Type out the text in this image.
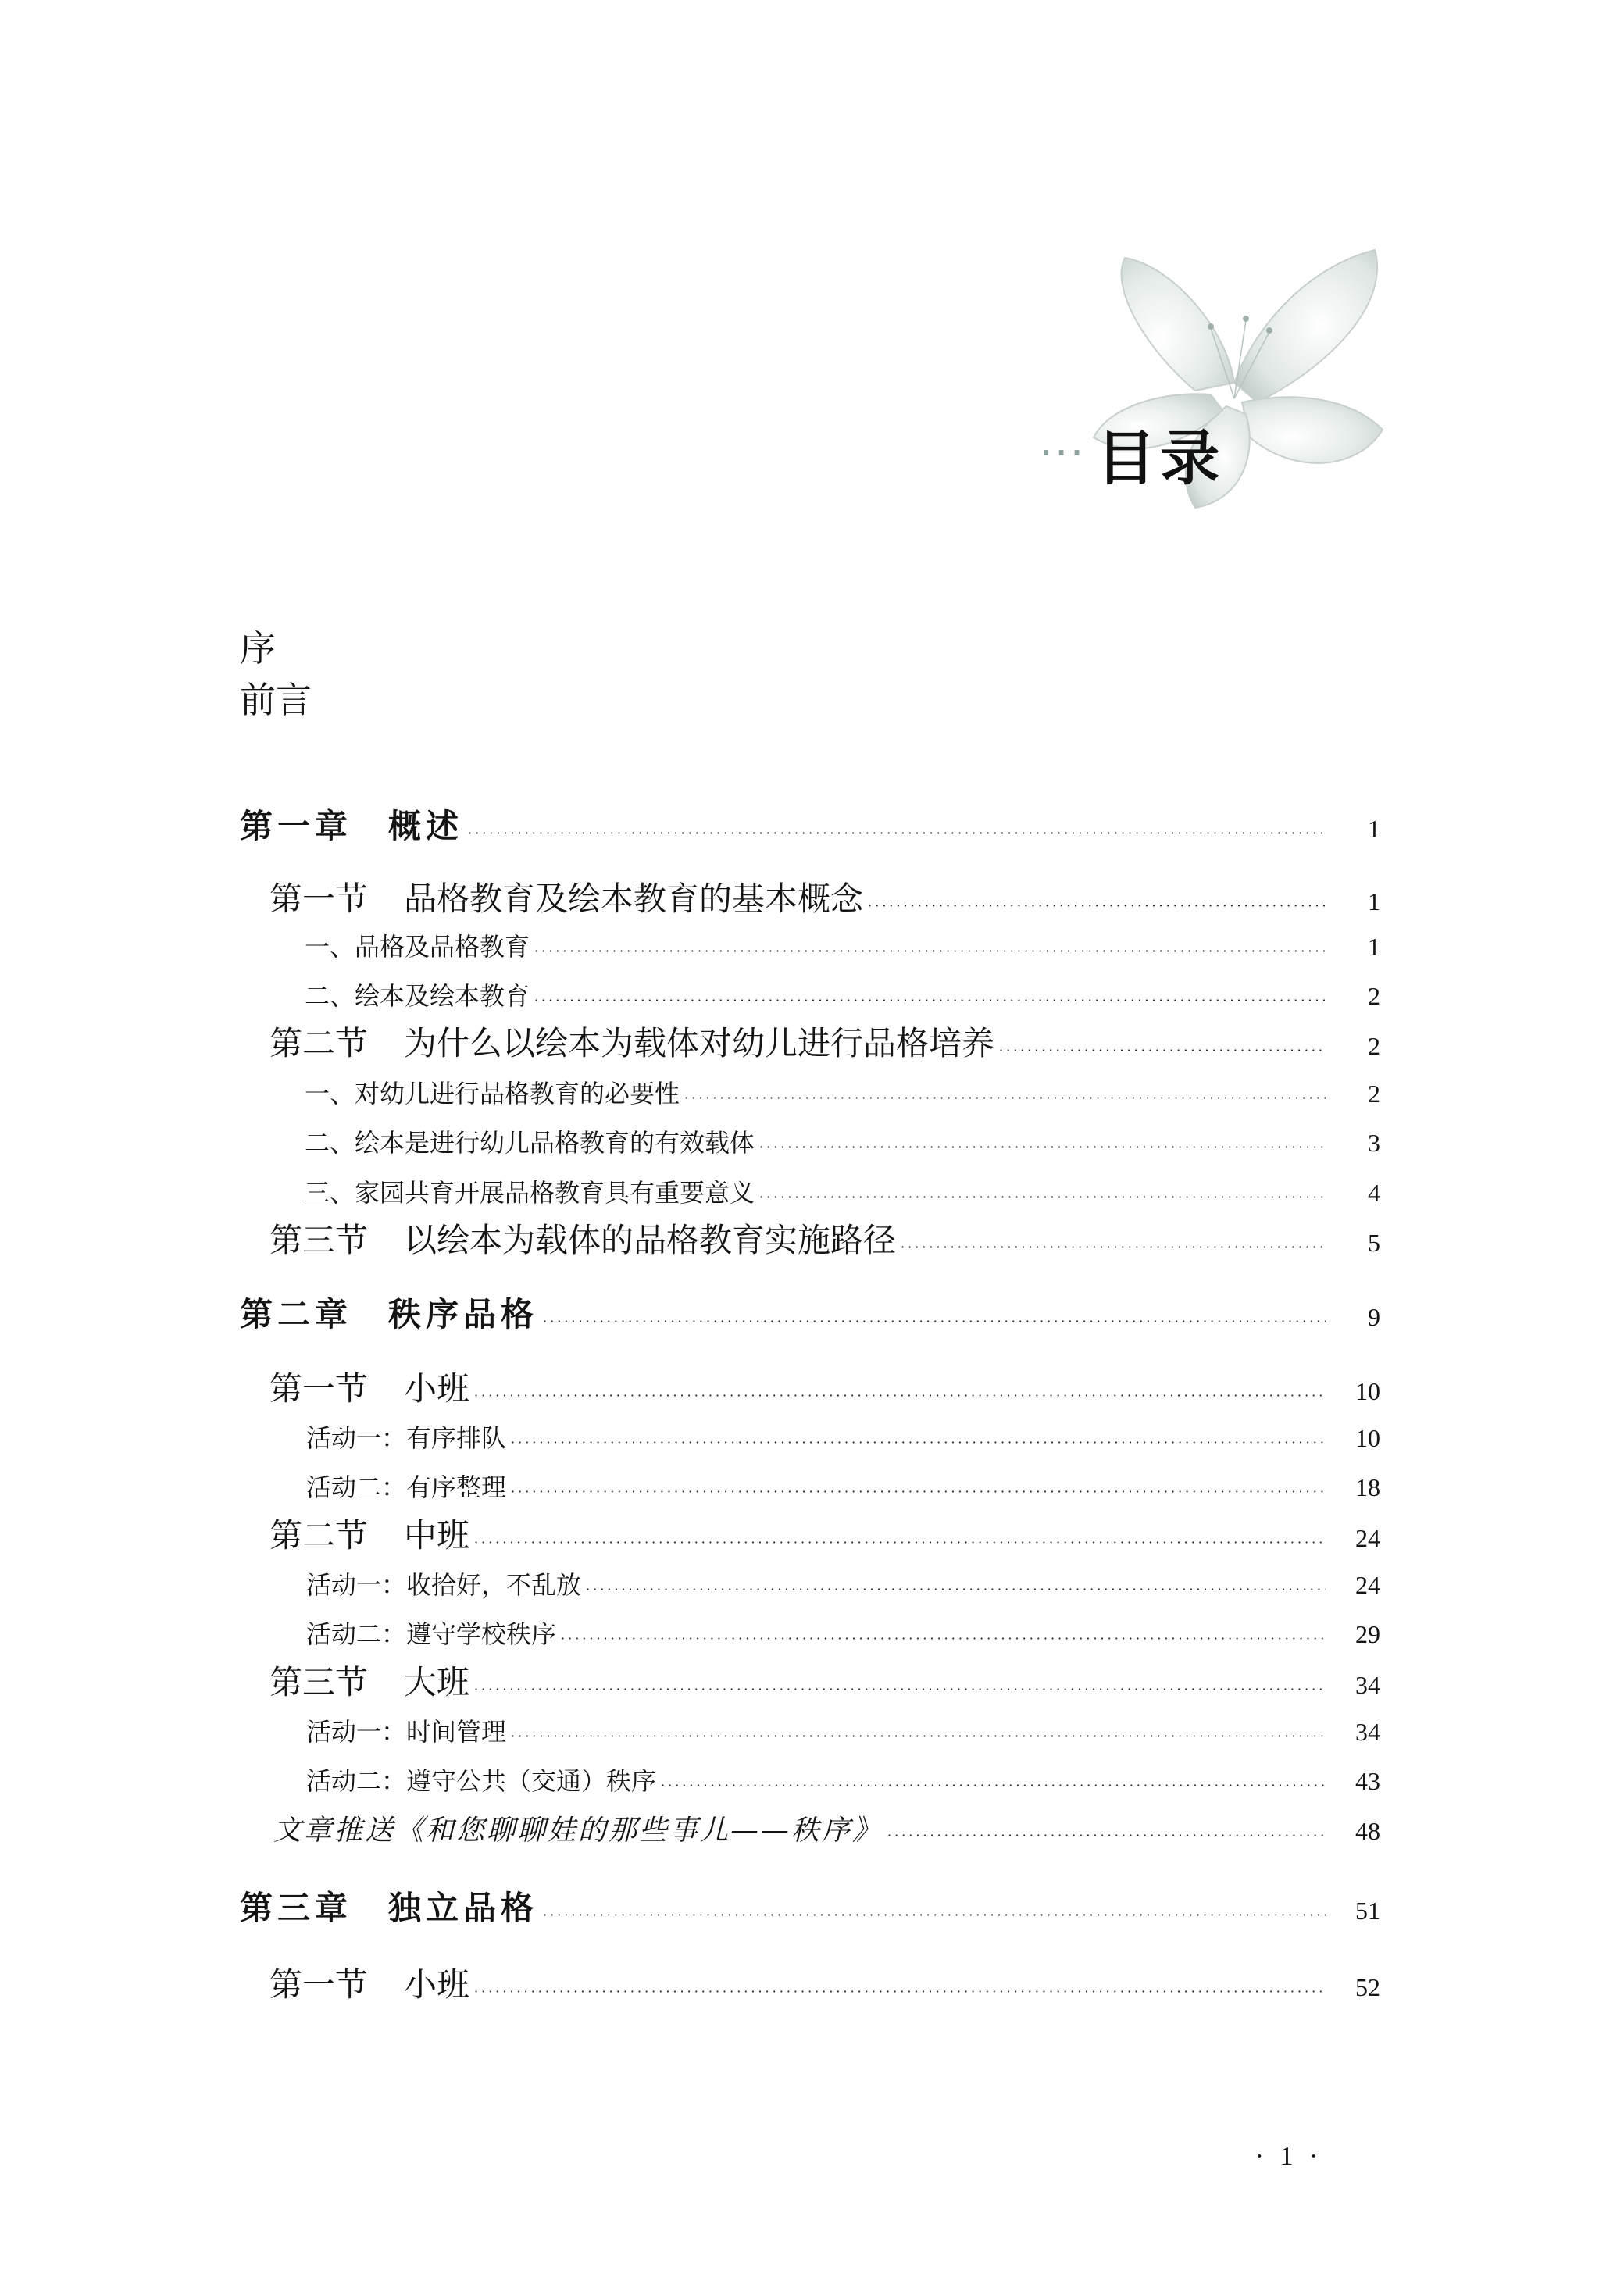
··· 目录
序
前言
第一章 概述 ·····	1
第一节 品格教育及绘本教育的基本概念 ·····	1
一、品格及品格教育 ·····	1
二、绘本及绘本教育 ·····	2
第二节 为什么以绘本为载体对幼儿进行品格培养 ·····	2
一、对幼儿进行品格教育的必要性 ·····	2
二、绘本是进行幼儿品格教育的有效载体 ·····	3
三、家园共育开展品格教育具有重要意义 ·····	4
第三节 以绘本为载体的品格教育实施路径 ·····	5
第二章 秩序品格 ·····	9
第一节 小班 ·····	10
活动一：有序排队 ·····	10
活动二：有序整理 ·····	18
第二节 中班 ·····	24
活动一：收拾好，不乱放 ·····	24
活动二：遵守学校秩序 ·····	29
第三节 大班 ·····	34
活动一：时间管理 ·····	34
活动二：遵守公共（交通）秩序 ·····	43
文章推送《和您聊聊娃的那些事儿——秩序》 ·····	48
第三章 独立品格 ·····	51
第一节 小班 ·····	52
· 1 ·
